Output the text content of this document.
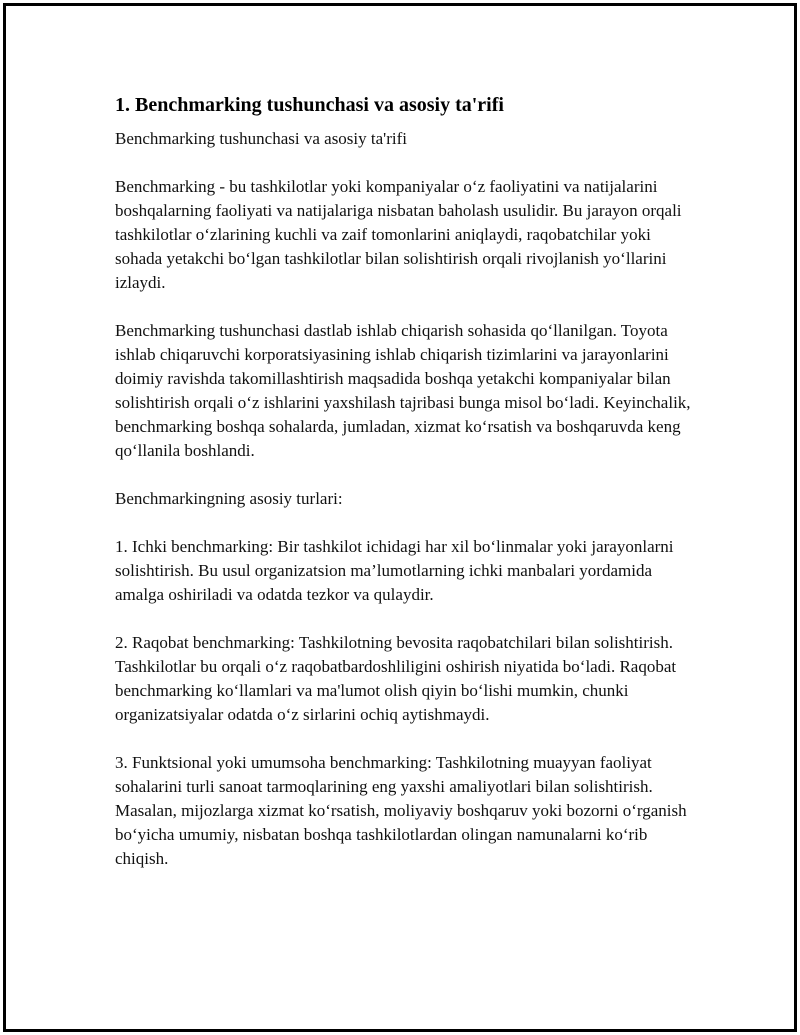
1. Benchmarking tushunchasi va asosiy ta'rifi

Benchmarking tushunchasi va asosiy ta'rifi

Benchmarking - bu tashkilotlar yoki kompaniyalar o‘z faoliyatini va natijalarini boshqalarning faoliyati va natijalariga nisbatan baholash usulidir. Bu jarayon orqali tashkilotlar o‘zlarining kuchli va zaif tomonlarini aniqlaydi, raqobatchilar yoki sohada yetakchi bo‘lgan tashkilotlar bilan solishtirish orqali rivojlanish yo‘llarini izlaydi.

Benchmarking tushunchasi dastlab ishlab chiqarish sohasida qo‘llanilgan. Toyota ishlab chiqaruvchi korporatsiyasining ishlab chiqarish tizimlarini va jarayonlarini doimiy ravishda takomillashtirish maqsadida boshqa yetakchi kompaniyalar bilan solishtirish orqali o‘z ishlarini yaxshilash tajribasi bunga misol bo‘ladi. Keyinchalik, benchmarking boshqa sohalarda, jumladan, xizmat ko‘rsatish va boshqaruvda keng qo‘llanila boshlandi.

Benchmarkingning asosiy turlari:

1. Ichki benchmarking: Bir tashkilot ichidagi har xil bo‘linmalar yoki jarayonlarni solishtirish. Bu usul organizatsion ma’lumotlarning ichki manbalari yordamida amalga oshiriladi va odatda tezkor va qulaydir.

2. Raqobat benchmarking: Tashkilotning bevosita raqobatchilari bilan solishtirish. Tashkilotlar bu orqali o‘z raqobatbardoshliligini oshirish niyatida bo‘ladi. Raqobat benchmarking ko‘llamlari va ma'lumot olish qiyin bo‘lishi mumkin, chunki organizatsiyalar odatda o‘z sirlarini ochiq aytishmaydi.

3. Funktsional yoki umumsoha benchmarking: Tashkilotning muayyan faoliyat sohalarini turli sanoat tarmoqlarining eng yaxshi amaliyotlari bilan solishtirish. Masalan, mijozlarga xizmat ko‘rsatish, moliyaviy boshqaruv yoki bozorni o‘rganish bo‘yicha umumiy, nisbatan boshqa tashkilotlardan olingan namunalarni ko‘rib chiqish.
